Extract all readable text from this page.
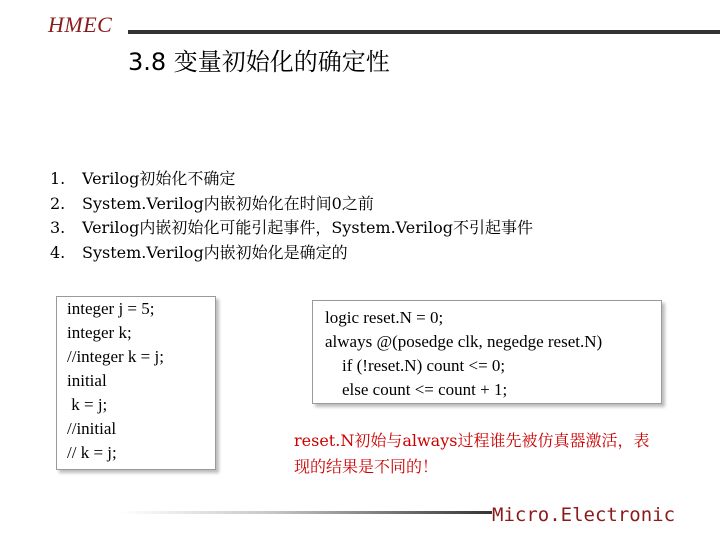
HMEC
3.8 变量初始化的确定性
1. Verilog初始化不确定
2. System.Verilog内嵌初始化在时间0之前
3. Verilog内嵌初始化可能引起事件，System.Verilog不引起事件
4. System.Verilog内嵌初始化是确定的
integer j = 5;
integer k;
//integer k = j;
initial
k = j;
//initial
// k = j;
logic reset.N = 0;
always @(posedge clk, negedge reset.N)
if (!reset.N) count <= 0;
else count <= count + 1;
reset.N初始与always过程谁先被仿真器激活，表现的结果是不同的！
Micro.Electronic
